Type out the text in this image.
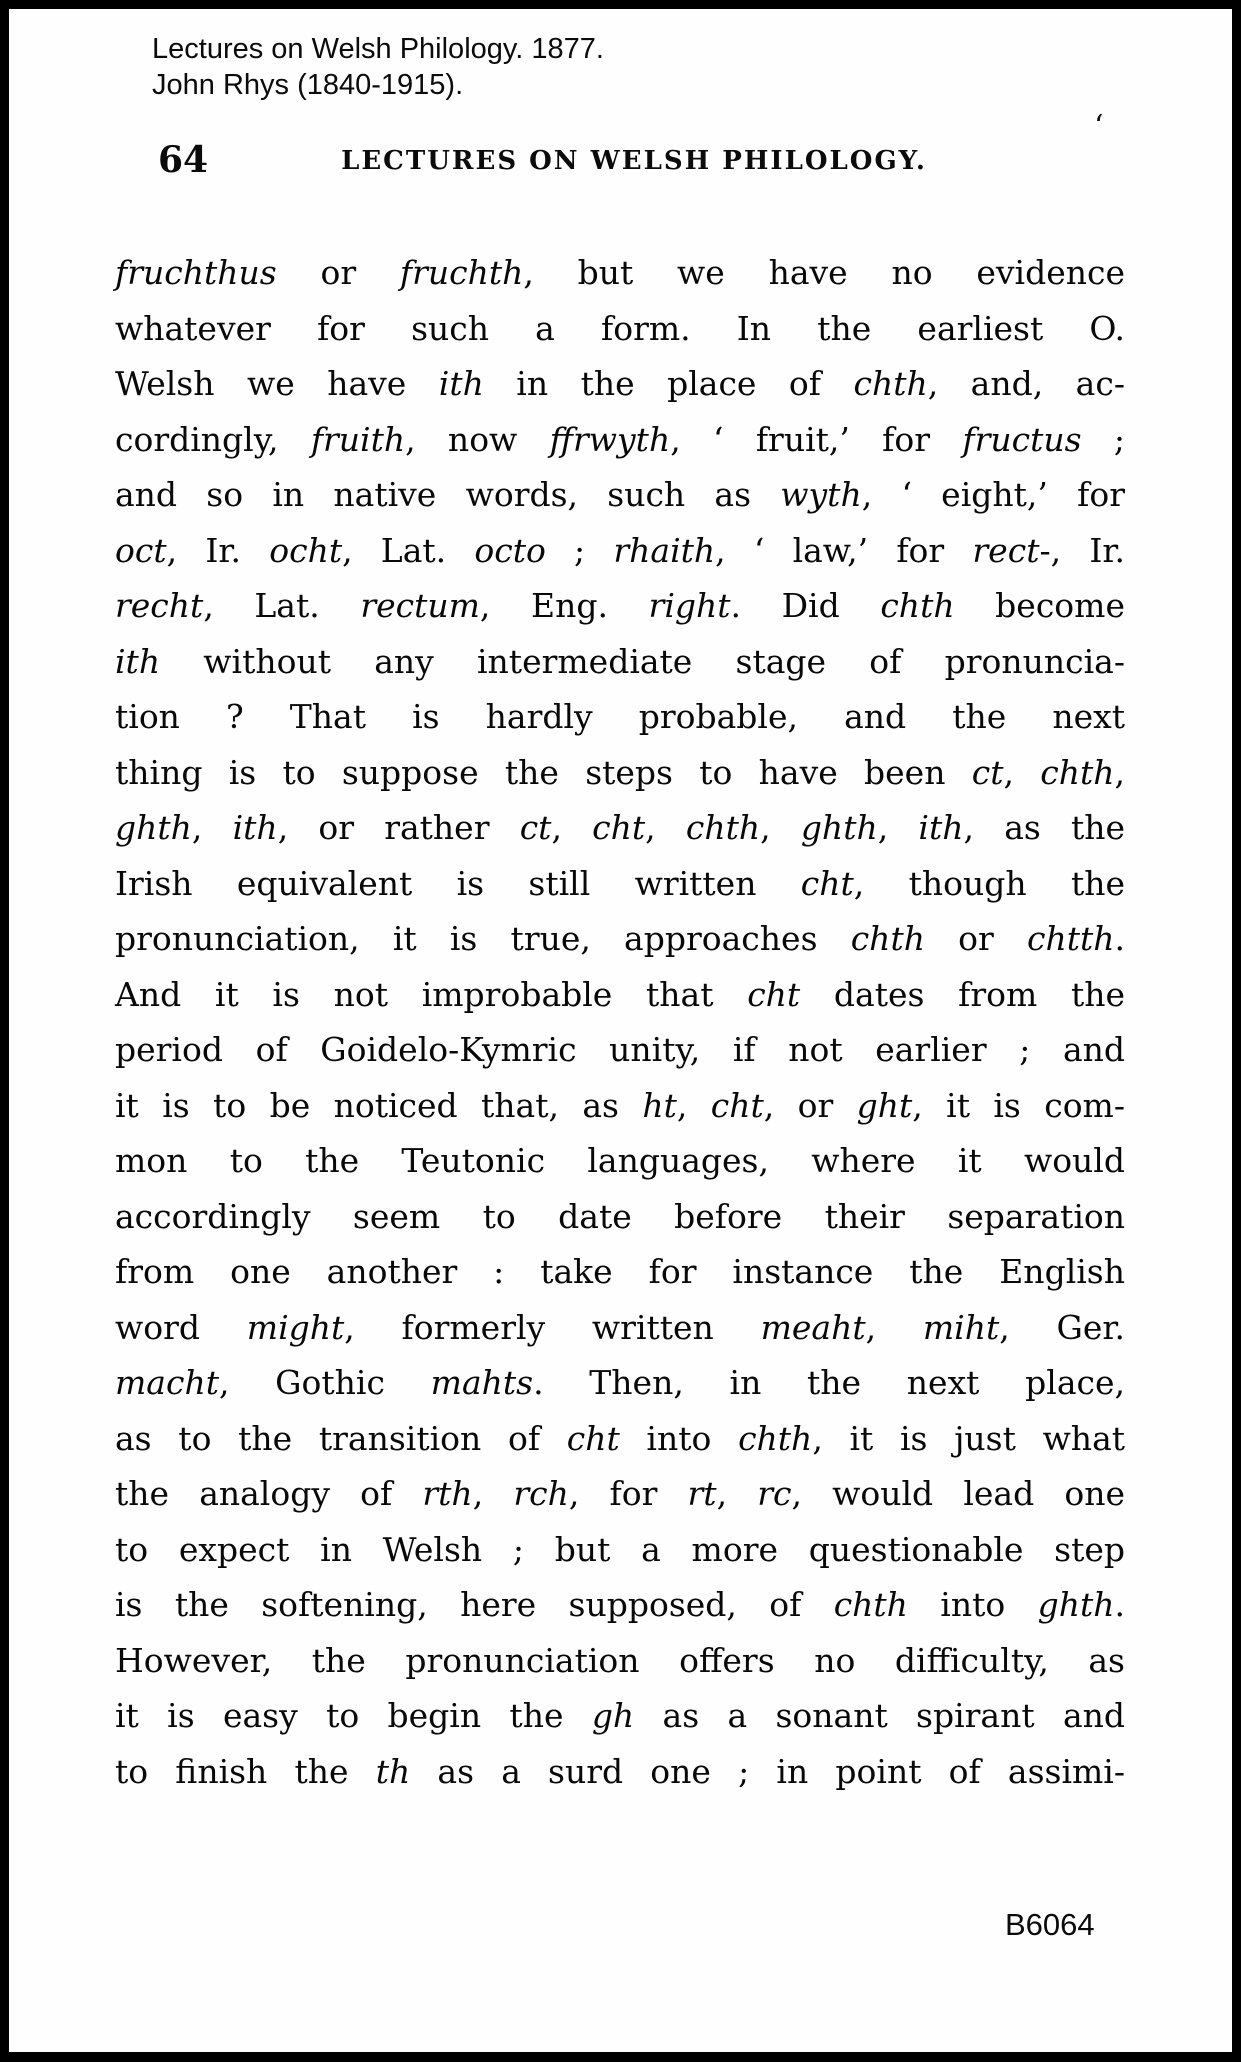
Lectures on Welsh Philology. 1877.
John Rhys (1840-1915).
64	LECTURES ON WELSH PHILOLOGY.
‘
fruchthus or fruchth, but we have no evidence
whatever for such a form. In the earliest O.
Welsh we have ith in the place of chth, and, ac-
cordingly, fruith, now ffrwyth, ‘ fruit,’ for fructus ;
and so in native words, such as wyth, ‘ eight,’ for
oct, Ir. ocht, Lat. octo ; rhaith, ‘ law,’ for rect-, Ir.
recht, Lat. rectum, Eng. right. Did chth become
ith without any intermediate stage of pronuncia-
tion ? That is hardly probable, and the next
thing is to suppose the steps to have been ct, chth,
ghth, ith, or rather ct, cht, chth, ghth, ith, as the
Irish equivalent is still written cht, though the
pronunciation, it is true, approaches chth or chtth.
And it is not improbable that cht dates from the
period of Goidelo-Kymric unity, if not earlier ; and
it is to be noticed that, as ht, cht, or ght, it is com-
mon to the Teutonic languages, where it would
accordingly seem to date before their separation
from one another : take for instance the English
word might, formerly written meaht, miht, Ger.
macht, Gothic mahts. Then, in the next place,
as to the transition of cht into chth, it is just what
the analogy of rth, rch, for rt, rc, would lead one
to expect in Welsh ; but a more questionable step
is the softening, here supposed, of chth into ghth.
However, the pronunciation offers no difficulty, as
it is easy to begin the gh as a sonant spirant and
to finish the th as a surd one ; in point of assimi-
B6064
